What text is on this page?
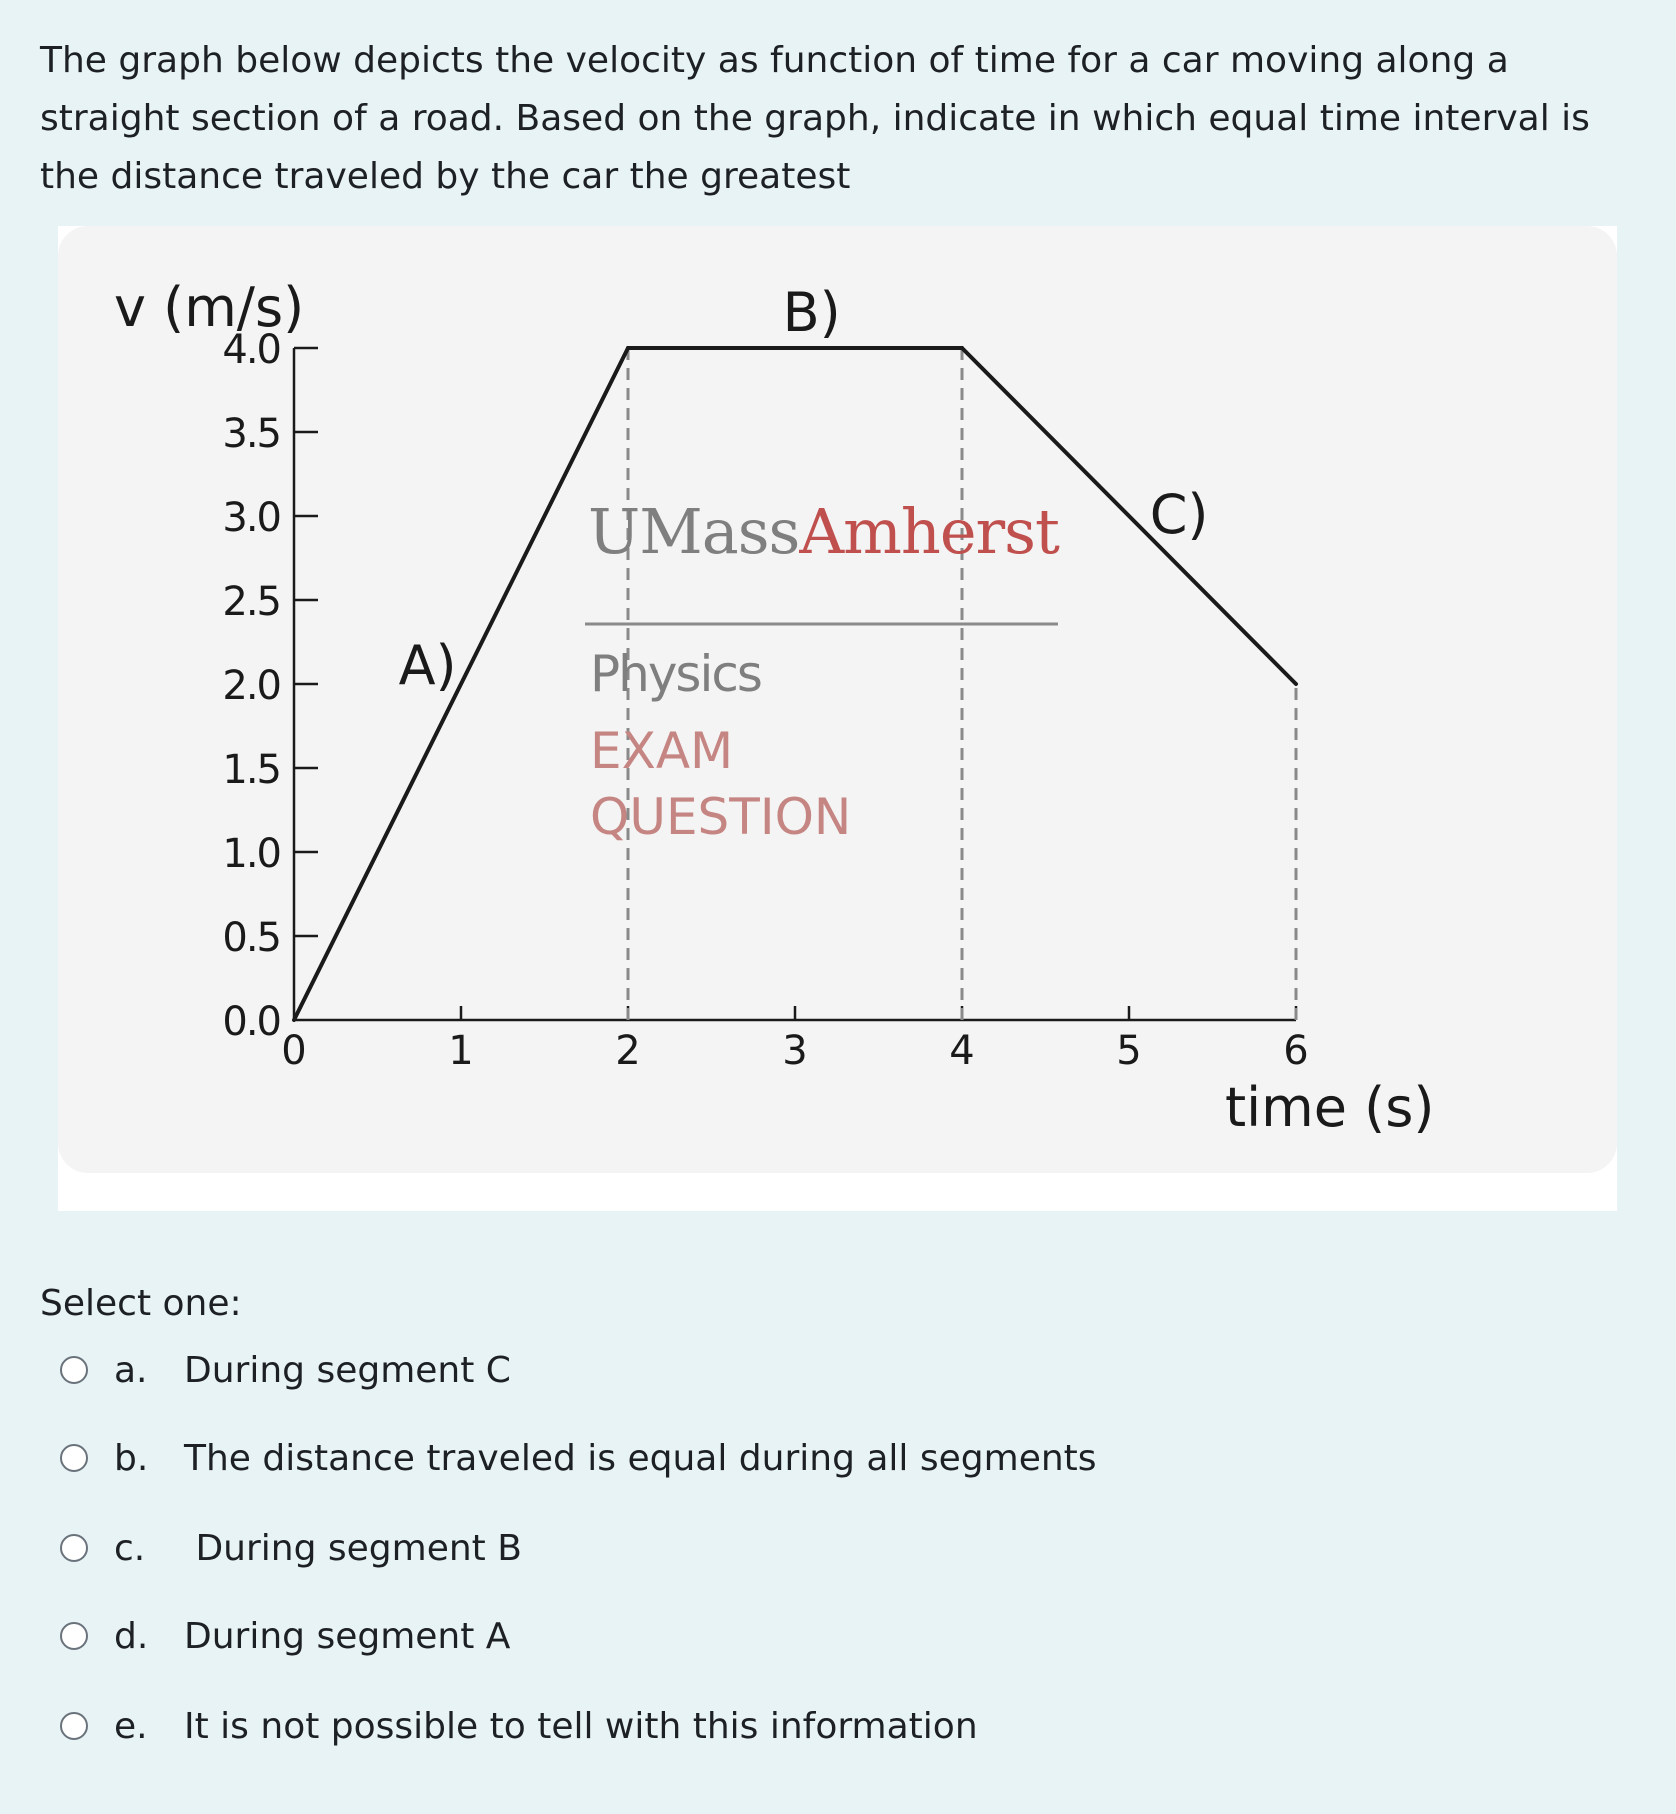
The graph below depicts the velocity as function of time for a car moving along a straight section of a road. Based on the graph, indicate in which equal time interval is the distance traveled by the car the greatest

0.0
0.5
1.0
1.5
2.0
2.5
3.0
3.5
4.0
0	1	2	3	4	5	6
v (m/s)
time (s)
UMassAmherst
Physics
EXAM
QUESTION
A)
B)
C)

Select one:

a.	During segment C
b. The distance traveled is equal during all segments
c.	During segment B
d. During segment A
e.	It is not possible to tell with this information
